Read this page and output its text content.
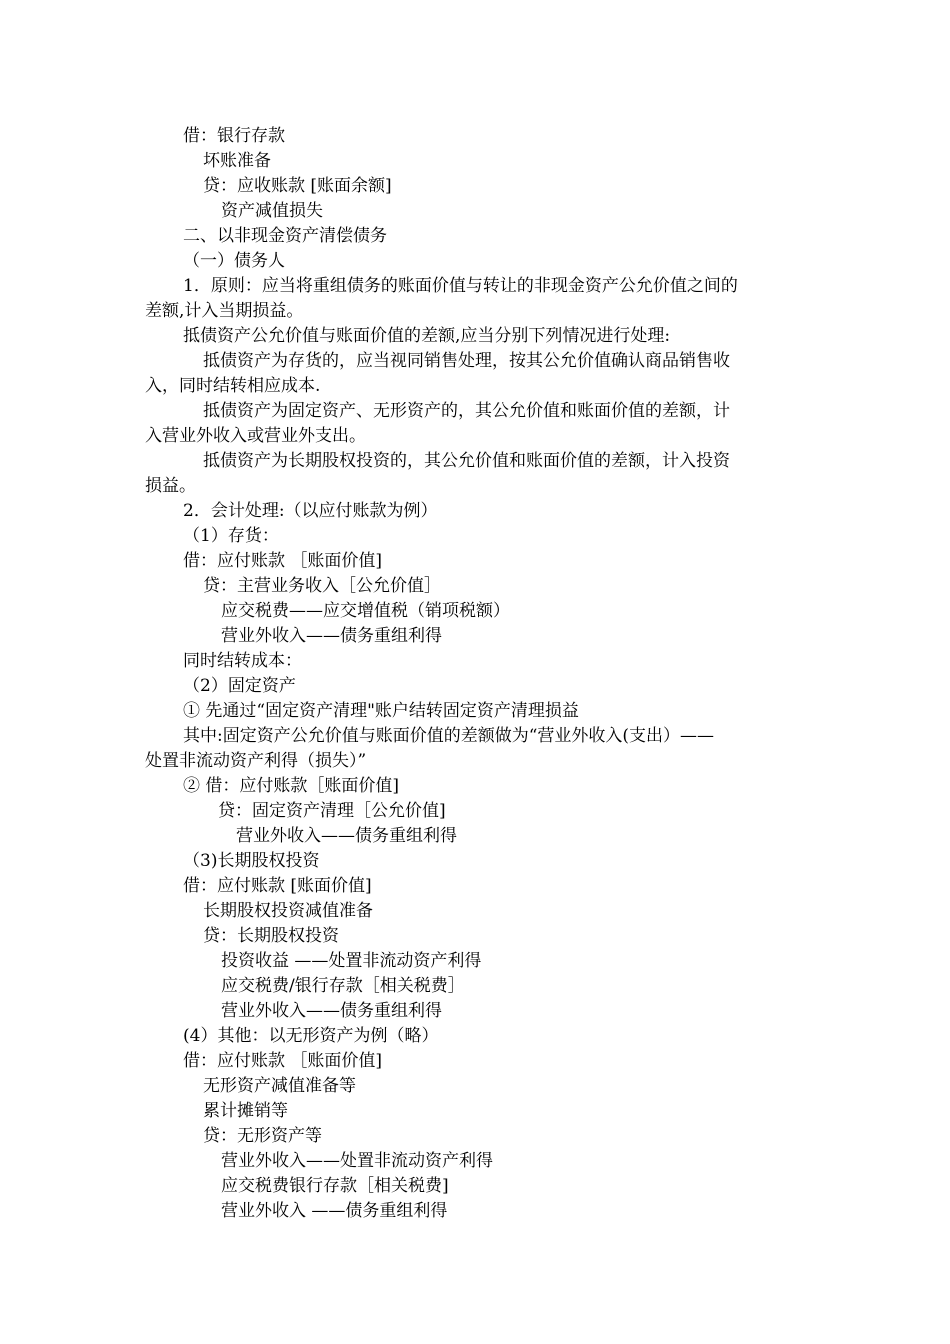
借：银行存款
坏账准备
贷：应收账款 [账面余额]
资产减值损失
二、以非现金资产清偿债务
（一）债务人
1．原则：应当将重组债务的账面价值与转让的非现金资产公允价值之间的
差额,计入当期损益。
抵债资产公允价值与账面价值的差额,应当分别下列情况进行处理:
抵债资产为存货的，应当视同销售处理，按其公允价值确认商品销售收
入，同时结转相应成本.
抵债资产为固定资产、无形资产的，其公允价值和账面价值的差额，计
入营业外收入或营业外支出。
抵债资产为长期股权投资的，其公允价值和账面价值的差额，计入投资
损益。
2．会计处理:（以应付账款为例）
（1）存货：
借：应付账款 ［账面价值]
贷：主营业务收入［公允价值］
应交税费——应交增值税（销项税额）
营业外收入——债务重组利得
同时结转成本：
（2）固定资产
① 先通过“固定资产清理"账户结转固定资产清理损益
其中:固定资产公允价值与账面价值的差额做为“营业外收入(支出）——
处置非流动资产利得（损失）”
② 借：应付账款［账面价值]
贷：固定资产清理［公允价值]
营业外收入——债务重组利得
（3)长期股权投资
借：应付账款 [账面价值]
长期股权投资减值准备
贷：长期股权投资
投资收益 ——处置非流动资产利得
应交税费/银行存款［相关税费］
营业外收入——债务重组利得
(4）其他：以无形资产为例（略）
借：应付账款 ［账面价值]
无形资产减值准备等
累计摊销等
贷：无形资产等
营业外收入——处置非流动资产利得
应交税费银行存款［相关税费]
营业外收入 ——债务重组利得
